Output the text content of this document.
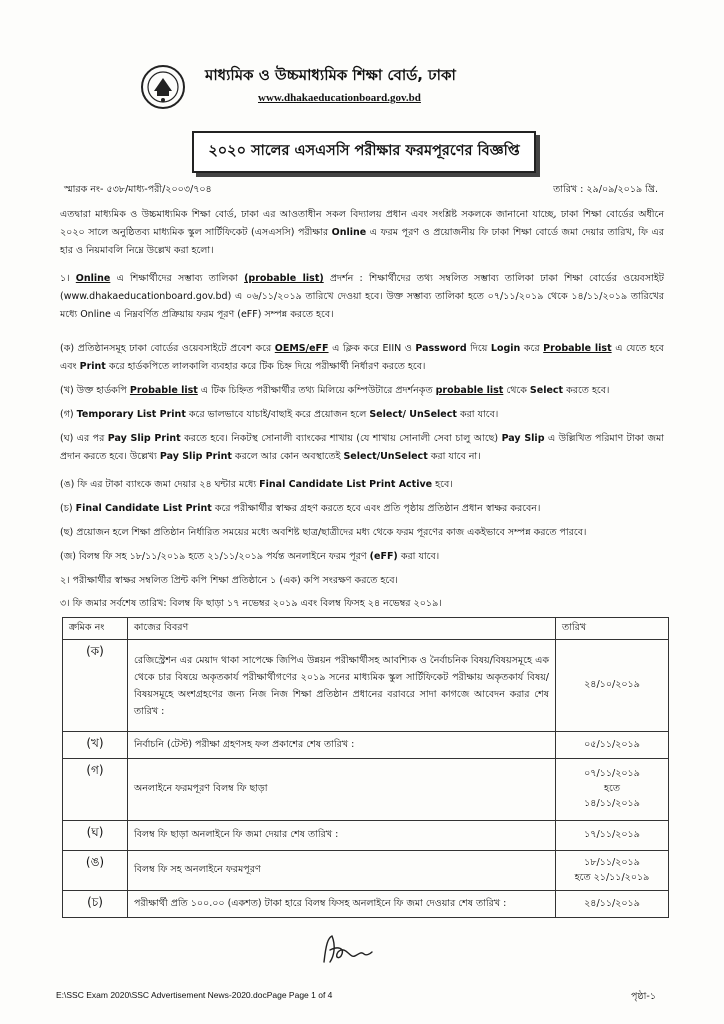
মাধ্যমিক ও উচ্চমাধ্যমিক শিক্ষা বোর্ড, ঢাকা
www.dhakaeducationboard.gov.bd
২০২০ সালের এসএসসি পরীক্ষার ফরমপূরণের বিজ্ঞপ্তি
স্মারক নং- ৫৩৮/মাধ্য-পরী/২০০৩/৭০৪	তারিখ : ২৯/০৯/২০১৯ খ্রি.
এতদ্বারা মাধ্যমিক ও উচ্চমাধ্যমিক শিক্ষা বোর্ড, ঢাকা এর আওতাধীন সকল বিদ্যালয় প্রধান এবং সংশ্লিষ্ট সকলকে জানানো যাচ্ছে, ঢাকা শিক্ষা বোর্ডের অধীনে ২০২০ সালে অনুষ্ঠিতব্য মাধ্যমিক স্কুল সার্টিফিকেট (এসএসসি) পরীক্ষার Online এ ফরম পূরণ ও প্রয়োজনীয় ফি ঢাকা শিক্ষা বোর্ডে জমা দেয়ার তারিখ, ফি এর হার ও নিয়মাবলি নিম্নে উল্লেখ করা হলো।
১। Online এ শিক্ষার্থীদের সম্ভাব্য তালিকা (probable list) প্রদর্শন : শিক্ষার্থীদের তথ্য সম্বলিত সম্ভাব্য তালিকা ঢাকা শিক্ষা বোর্ডের ওয়েবসাইট (www.dhakaeducationboard.gov.bd) এ ০৬/১১/২০১৯ তারিখে দেওয়া হবে। উক্ত সম্ভাব্য তালিকা হতে ০৭/১১/২০১৯ থেকে ১৪/১১/২০১৯ তারিখের মধ্যে Online এ নিম্নবর্ণিত প্রক্রিয়ায় ফরম পূরণ (eFF) সম্পন্ন করতে হবে।
(ক) প্রতিষ্ঠানসমূহ ঢাকা বোর্ডের ওয়েবসাইটে প্রবেশ করে OEMS/eFF এ ক্লিক করে EIIN ও Password দিয়ে Login করে Probable list এ যেতে হবে এবং Print করে হার্ডকপিতে লালকালি ব্যবহার করে টিক চিহ্ন দিয়ে পরীক্ষার্থী নির্ধারণ করতে হবে।
(খ) উক্ত হার্ডকপি Probable list এ টিক চিহ্নিত পরীক্ষার্থীর তথ্য মিলিয়ে কম্পিউটারে প্রদর্শনকৃত probable list থেকে Select করতে হবে।
(গ) Temporary List Print করে ভালভাবে যাচাই/বাছাই করে প্রয়োজন হলে Select/ UnSelect করা যাবে।
(ঘ) এর পর Pay Slip Print করতে হবে। নিকটস্থ সোনালী ব্যাংকের শাখায় (যে শাখায় সোনালী সেবা চালু আছে) Pay Slip এ উল্লিখিত পরিমাণ টাকা জমা প্রদান করতে হবে। উল্লেখ্য Pay Slip Print করলে আর কোন অবস্থাতেই Select/UnSelect করা যাবে না।
(ঙ) ফি এর টাকা ব্যাংকে জমা দেয়ার ২৪ ঘন্টার মধ্যে Final Candidate List Print Active হবে।
(চ) Final Candidate List Print করে পরীক্ষার্থীর স্বাক্ষর গ্রহণ করতে হবে এবং প্রতি পৃষ্ঠায় প্রতিষ্ঠান প্রধান স্বাক্ষর করবেন।
(ছ) প্রয়োজন হলে শিক্ষা প্রতিষ্ঠান নির্ধারিত সময়ের মধ্যে অবশিষ্ট ছাত্র/ছাত্রীদের মধ্য থেকে ফরম পূরণের কাজ একইভাবে সম্পন্ন করতে পারবে।
(জ) বিলম্ব ফি সহ ১৮/১১/২০১৯ হতে ২১/১১/২০১৯ পর্যন্ত অনলাইনে ফরম পূরণ (eFF) করা যাবে।
২। পরীক্ষার্থীর স্বাক্ষর সম্বলিত প্রিন্ট কপি শিক্ষা প্রতিষ্ঠানে ১ (এক) কপি সংরক্ষণ করতে হবে।
৩। ফি জমার সর্বশেষ তারিখ: বিলম্ব ফি ছাড়া ১৭ নভেম্বর ২০১৯ এবং বিলম্ব ফিসহ ২৪ নভেম্বর ২০১৯।
ক্রমিক নং	কাজের বিবরণ	তারিখ
(ক)	রেজিস্ট্রেশন এর মেয়াদ থাকা সাপেক্ষে জিপিএ উন্নয়ন পরীক্ষার্থীসহ আবশ্যিক ও নৈর্বাচনিক বিষয়/বিষয়সমূহে এক থেকে চার বিষয়ে অকৃতকার্য পরীক্ষার্থীগণের ২০১৯ সনের মাধ্যমিক স্কুল সার্টিফিকেট পরীক্ষায় অকৃতকার্য বিষয়/বিষয়সমূহে অংশগ্রহণের জন্য নিজ নিজ শিক্ষা প্রতিষ্ঠান প্রধানের বরাবরে সাদা কাগজে আবেদন করার শেষ তারিখ :	২৪/১০/২০১৯
(খ)	নির্বাচনি (টেস্ট) পরীক্ষা গ্রহণসহ ফল প্রকাশের শেষ তারিখ :	০৫/১১/২০১৯
(গ)	অনলাইনে ফরমপূরণ বিলম্ব ফি ছাড়া	০৭/১১/২০১৯
হতে
১৪/১১/২০১৯

(ঘ)	বিলম্ব ফি ছাড়া অনলাইনে ফি জমা দেয়ার শেষ তারিখ :	১৭/১১/২০১৯
(ঙ)	বিলম্ব ফি সহ অনলাইনে ফরমপূরণ	১৮/১১/২০১৯
হতে ২১/১১/২০১৯

(চ)	পরীক্ষার্থী প্রতি ১০০.০০ (একশত) টাকা হারে বিলম্ব ফিসহ অনলাইনে ফি জমা দেওয়ার শেষ তারিখ :	২৪/১১/২০১৯
E:\SSC Exam 2020\SSC Advertisement News-2020.docPage Page 1 of 4	পৃষ্ঠা-১
